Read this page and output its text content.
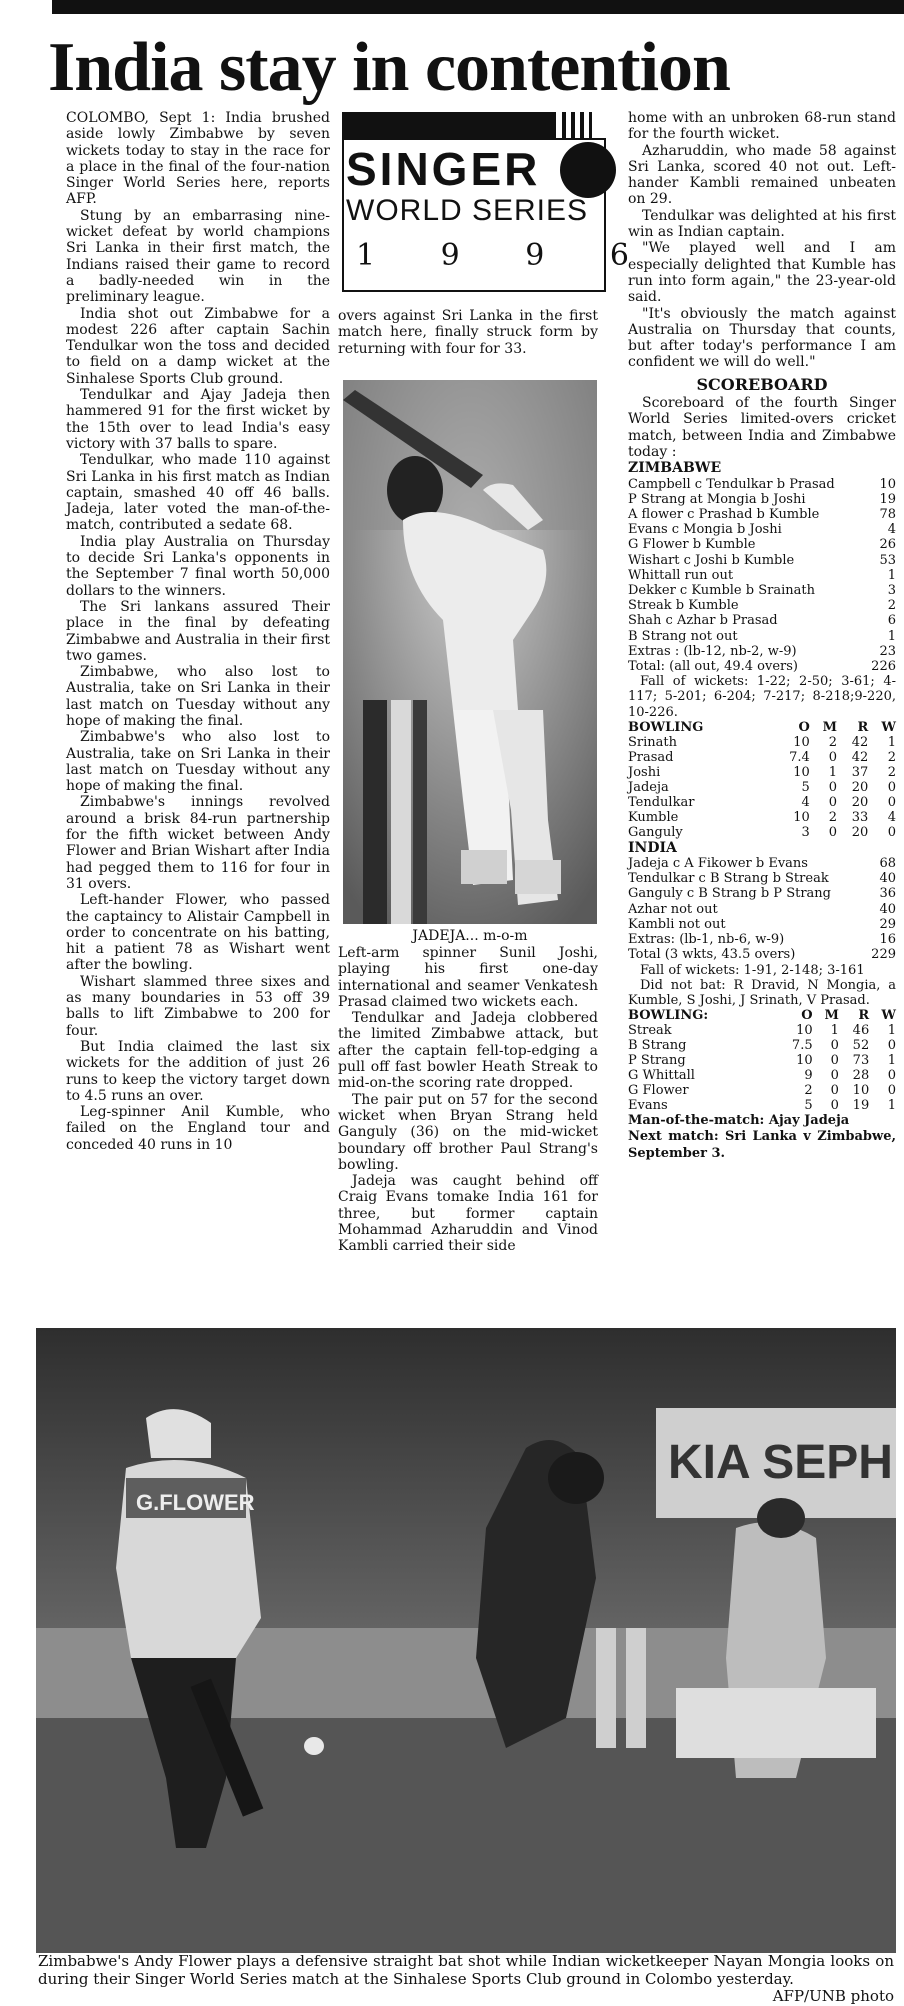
India stay in contention

COLOMBO, Sept 1: India brushed aside lowly Zimbabwe by seven wickets today to stay in the race for a place in the final of the four-nation Singer World Series here, reports AFP.

Stung by an embarrasing nine-wicket defeat by world champions Sri Lanka in their first match, the Indians raised their game to record a badly-needed win in the preliminary league.

India shot out Zimbabwe for a modest 226 after captain Sachin Tendulkar won the toss and decided to field on a damp wicket at the Sinhalese Sports Club ground.

Tendulkar and Ajay Jadeja then hammered 91 for the first wicket by the 15th over to lead India's easy victory with 37 balls to spare.

Tendulkar, who made 110 against Sri Lanka in his first match as Indian captain, smashed 40 off 46 balls. Jadeja, later voted the man-of-the-match, contributed a sedate 68.

India play Australia on Thursday to decide Sri Lanka's opponents in the September 7 final worth 50,000 dollars to the winners.

The Sri lankans assured Their place in the final by defeating Zimbabwe and Australia in their first two games.

Zimbabwe, who also lost to Australia, take on Sri Lanka in their last match on Tuesday without any hope of making the final.

Zimbabwe's who also lost to Australia, take on Sri Lanka in their last match on Tuesday without any hope of making the final.

Zimbabwe's innings revolved around a brisk 84-run partnership for the fifth wicket between Andy Flower and Brian Wishart after India had pegged them to 116 for four in 31 overs.

Left-hander Flower, who passed the captaincy to Alistair Campbell in order to concentrate on his batting, hit a patient 78 as Wishart went after the bowling.

Wishart slammed three sixes and as many boundaries in 53 off 39 balls to lift Zimbabwe to 200 for four.

But India claimed the last six wickets for the addition of just 26 runs to keep the victory target down to 4.5 runs an over.

Leg-spinner Anil Kumble, who failed on the England tour and conceded 40 runs in 10

SINGER
WORLD SERIES
1 9 9 6

overs against Sri Lanka in the first match here, finally struck form by returning with four for 33.

JADEJA... m-o-m

Left-arm spinner Sunil Joshi, playing his first one-day international and seamer Venkatesh Prasad claimed two wickets each.

Tendulkar and Jadeja clobbered the limited Zimbabwe attack, but after the captain fell-top-edging a pull off fast bowler Heath Streak to mid-on-the scoring rate dropped.

The pair put on 57 for the second wicket when Bryan Strang held Ganguly (36) on the mid-wicket boundary off brother Paul Strang's bowling.

Jadeja was caught behind off Craig Evans tomake India 161 for three, but former captain Mohammad Azharuddin and Vinod Kambli carried their side

home with an unbroken 68-run stand for the fourth wicket.

Azharuddin, who made 58 against Sri Lanka, scored 40 not out. Left-hander Kambli remained unbeaten on 29.

Tendulkar was delighted at his first win as Indian captain.

"We played well and I am especially delighted that Kumble has run into form again," the 23-year-old said.

"It's obviously the match against Australia on Thursday that counts, but after today's performance I am confident we will do well."

SCOREBOARD

Scoreboard of the fourth Singer World Series limited-overs cricket match, between India and Zimbabwe today :

ZIMBABWE
Campbell c Tendulkar b Prasad	10
P Strang at Mongia b Joshi	19
A flower c Prashad b Kumble	78
Evans c Mongia b Joshi	4
G Flower b Kumble	26
Wishart c Joshi b Kumble	53
Whittall run out	1
Dekker c Kumble b Srainath	3
Streak b Kumble	2
Shah c Azhar b Prasad	6
B Strang not out	1
Extras : (lb-12, nb-2, w-9)	23
Total: (all out, 49.4 overs)	226
Fall of wickets: 1-22; 2-50; 3-61; 4-117; 5-201; 6-204; 7-217; 8-218;9-220, 10-226.
BOWLING	O	M	R	W
Srinath	10	2	42	1
Prasad	7.4	0	42	2
Joshi	10	1	37	2
Jadeja	5	0	20	0
Tendulkar	4	0	20	0
Kumble	10	2	33	4
Ganguly	3	0	20	0
INDIA
Jadeja c A Fikower b Evans	68
Tendulkar c B Strang b Streak	40
Ganguly c B Strang b P Strang	36
Azhar not out	40
Kambli not out	29
Extras: (lb-1, nb-6, w-9)	16
Total (3 wkts, 43.5 overs)	229
Fall of wickets: 1-91, 2-148; 3-161
Did not bat: R Dravid, N Mongia, a Kumble, S Joshi, J Srinath, V Prasad.
BOWLING:	O	M	R	W
Streak	10	1	46	1
B Strang	7.5	0	52	0
P Strang	10	0	73	1
G Whittall	9	0	28	0
G Flower	2	0	10	0
Evans	5	0	19	1
Man-of-the-match: Ajay Jadeja
Next match: Sri Lanka v Zimbabwe, September 3.
KIA SEPH
G.FLOWER
Zimbabwe's Andy Flower plays a defensive straight bat shot while Indian wicketkeeper Nayan Mongia looks on during their Singer World Series match at the Sinhalese Sports Club ground in Colombo yesterday.
AFP/UNB photo
